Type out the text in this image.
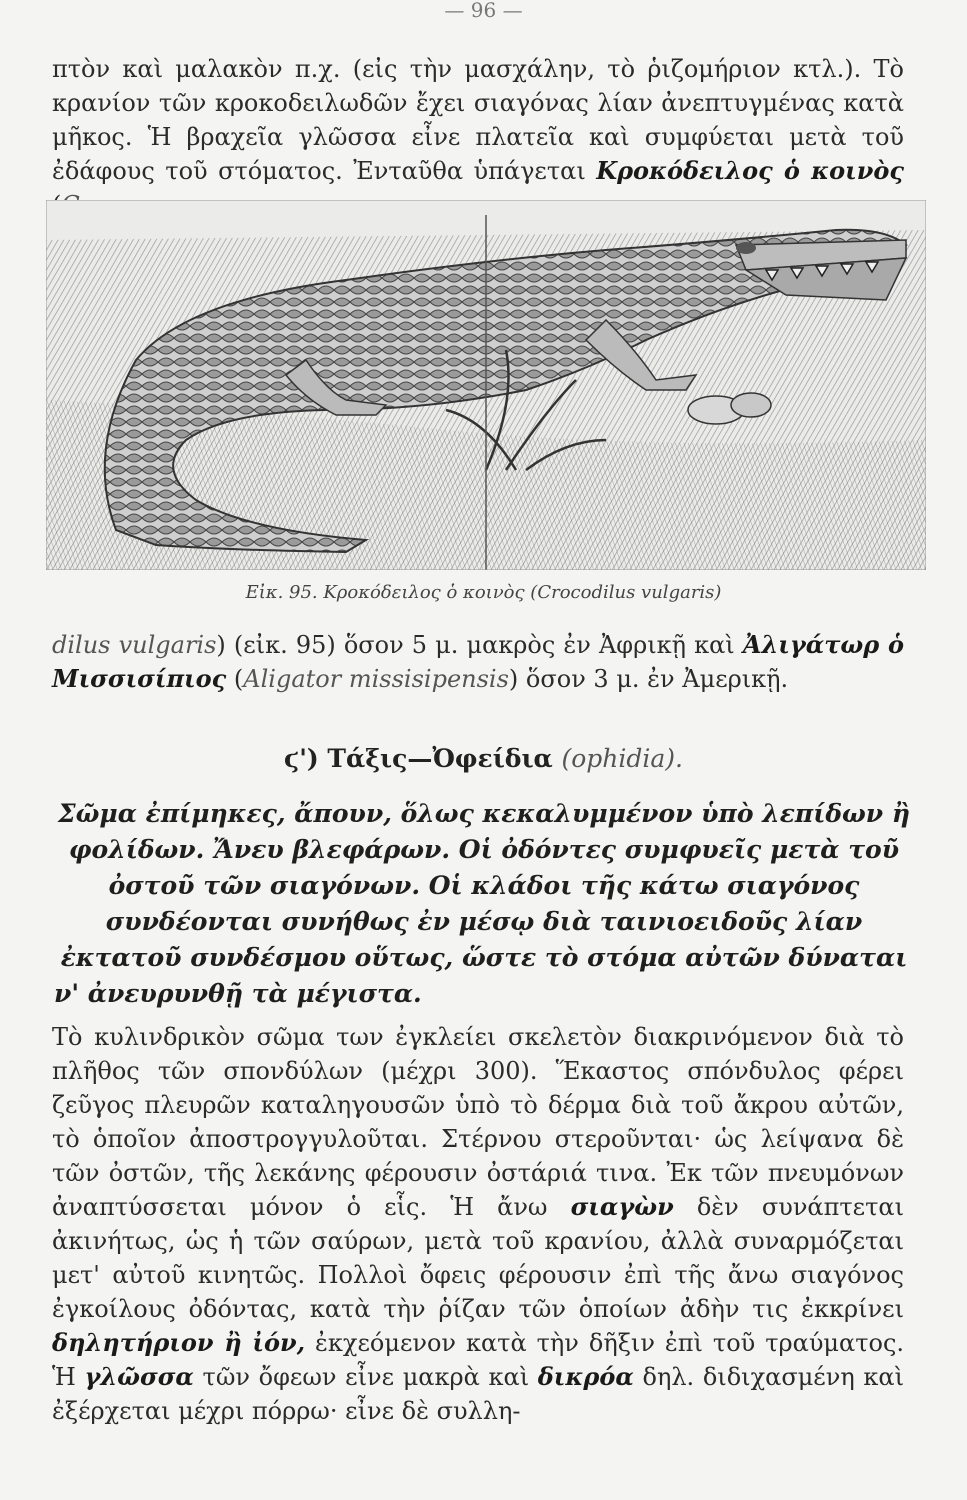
— 96 —
πτὸν καὶ μαλακὸν π.χ. (εἰς τὴν μασχάλην, τὸ ῥιζομήριον κτλ.). Τὸ κρανίον τῶν κροκοδειλωδῶν ἔχει σιαγόνας λίαν ἀνεπτυγμένας κατὰ μῆκος. Ἡ βραχεῖα γλῶσσα εἶνε πλατεῖα καὶ συμφύεται μετὰ τοῦ ἐδάφους τοῦ στόματος. Ἐνταῦθα ὑπάγεται Κροκόδειλος ὁ κοινὸς
Εἰκ. 95. Κροκόδειλος ὁ κοινὸς (Crocodilus vulgaris)
dilus vulgaris) (εἰκ. 95) ὅσον 5 μ. μακρὸς ἐν Ἀφρικῇ καὶ Ἀλιγάτωρ ὁ Μισσισίπιος (Aligator missisipensis) ὅσον 3 μ. ἐν Ἀμερικῇ.
ϛ') Τάξις—Ὀφείδια (ophidia).
Σῶμα ἐπίμηκες, ἄπουν, ὅλως κεκαλυμμένον ὑπὸ λεπίδων ἢ φολίδων. Ἄνευ βλεφάρων. Οἱ ὀδόντες συμφυεῖς μετὰ τοῦ ὀστοῦ τῶν σιαγόνων. Οἱ κλάδοι τῆς κάτω σιαγόνος συνδέονται συνήθως ἐν μέσῳ διὰ ταινιοειδοῦς λίαν ἐκτατοῦ συνδέσμου οὕτως, ὥστε τὸ στόμα αὐτῶν δύναται ν' ἀνευρυνθῇ τὰ μέγιστα.
Τὸ κυλινδρικὸν σῶμα των ἐγκλείει σκελετὸν διακρινόμενον διὰ τὸ πλῆθος τῶν σπονδύλων (μέχρι 300). Ἕκαστος σπόνδυλος φέρει ζεῦγος πλευρῶν καταληγουσῶν ὑπὸ τὸ δέρμα διὰ τοῦ ἄκρου αὐτῶν, τὸ ὁποῖον ἀποστρογγυλοῦται. Στέρνου στεροῦνται· ὡς λείψανα δὲ τῶν ὀστῶν, τῆς λεκάνης φέρουσιν ὀστάριά τινα. Ἐκ τῶν πνευμόνων ἀναπτύσσεται μόνον ὁ εἷς. Ἡ ἄνω σιαγὼν δὲν συνάπτεται ἀκινήτως, ὡς ἡ τῶν σαύρων, μετὰ τοῦ κρανίου, ἀλλὰ συναρμόζεται μετ' αὐτοῦ κινητῶς. Πολλοὶ ὄφεις φέρουσιν ἐπὶ τῆς ἄνω σιαγόνος ἐγκοίλους ὀδόντας, κατὰ τὴν ῥίζαν τῶν ὁποίων ἀδὴν τις ἐκκρίνει δηλητήριον ἢ ἰόν, ἐκχεόμενον κατὰ τὴν δῆξιν ἐπὶ τοῦ τραύματος. Ἡ γλῶσσα τῶν ὄφεων εἶνε μακρὰ καὶ δικρόα δηλ. διδιχασμένη καὶ ἐξέρχεται μέχρι πόρρω· εἶνε δὲ συλλη-
